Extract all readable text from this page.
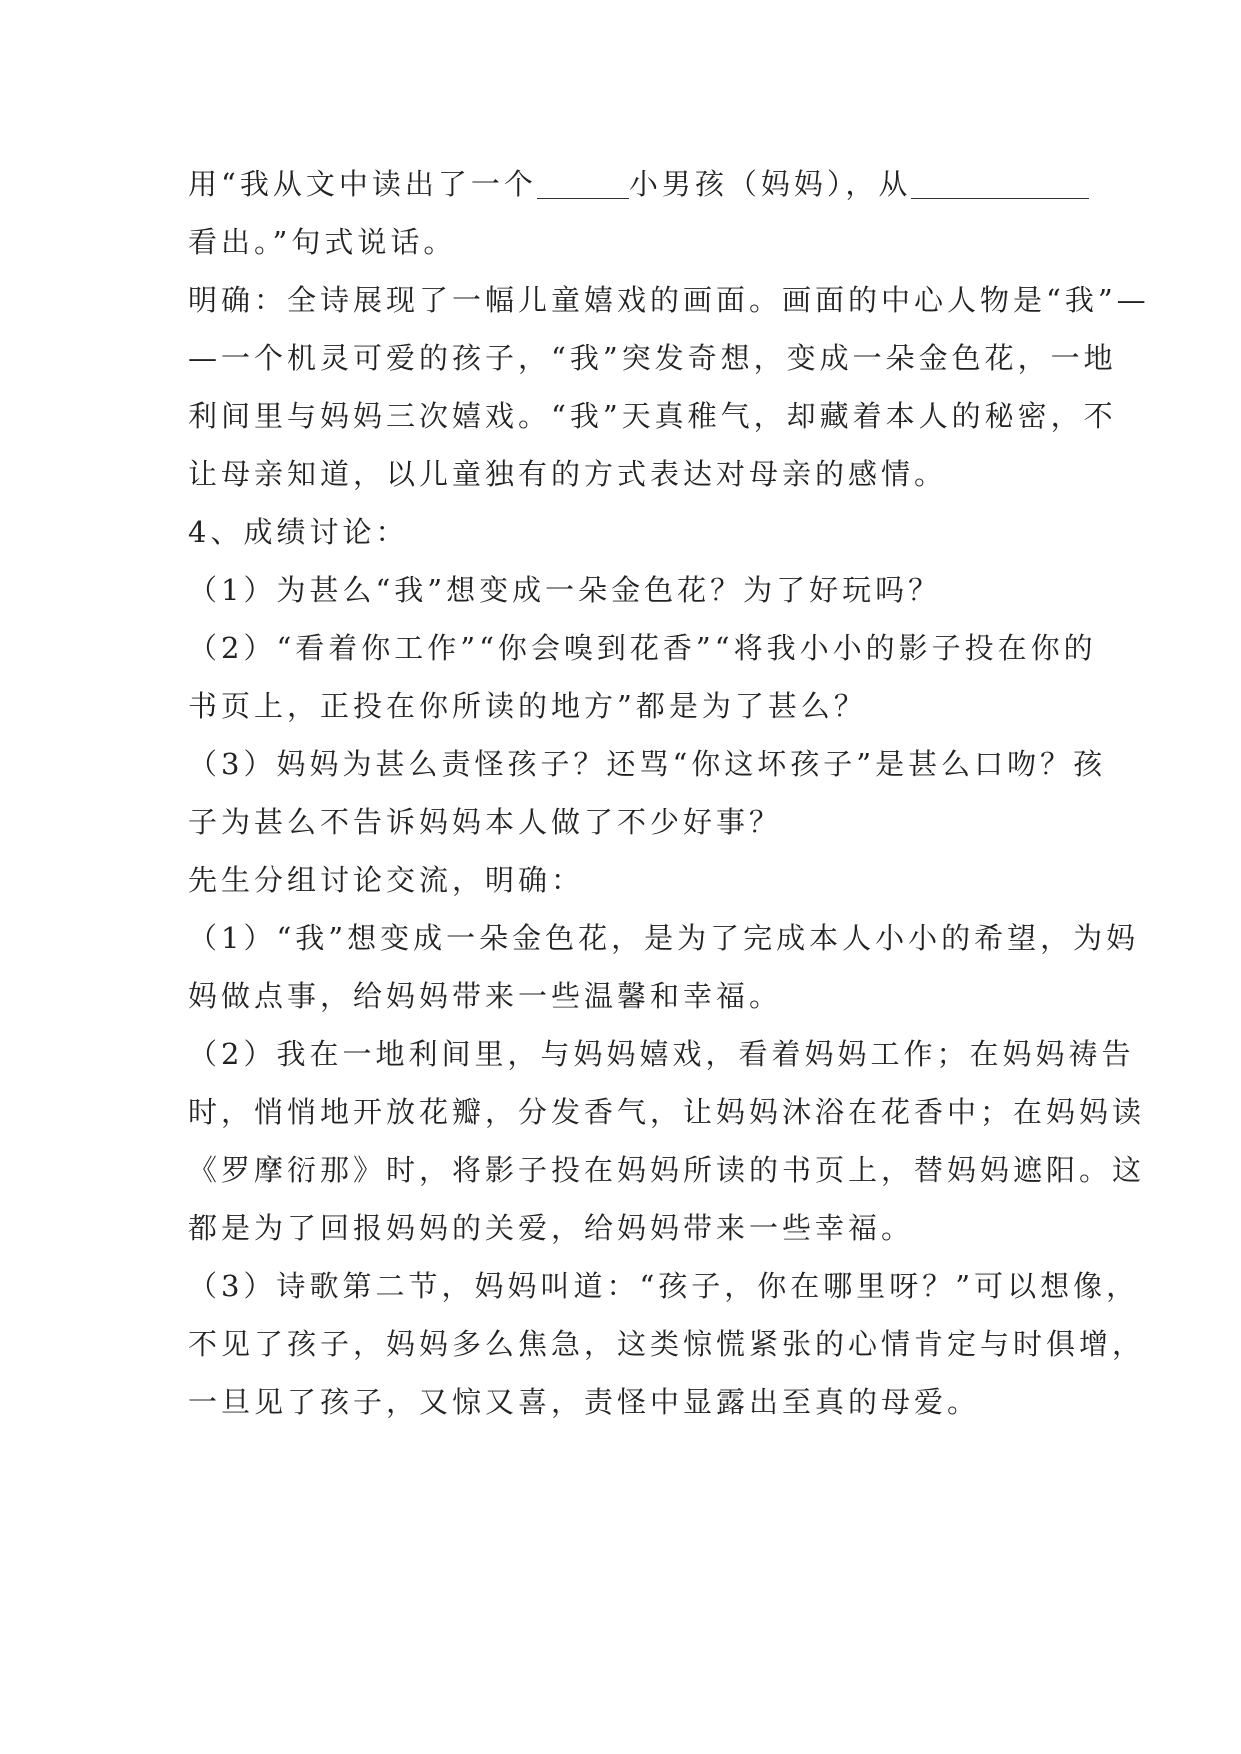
用“我从文中读出了一个	小男孩（妈妈），从
看出。”句式说话。
明确：全诗展现了一幅儿童嬉戏的画面。画面的中心人物是“我”—
—一个机灵可爱的孩子，“我”突发奇想，变成一朵金色花，一地
利间里与妈妈三次嬉戏。“我”天真稚气，却藏着本人的秘密，不
让母亲知道，以儿童独有的方式表达对母亲的感情。
4、成绩讨论：
（1）为甚么“我”想变成一朵金色花？为了好玩吗？
（2）“看着你工作”“你会嗅到花香”“将我小小的影子投在你的
书页上，正投在你所读的地方”都是为了甚么？
（3）妈妈为甚么责怪孩子？还骂“你这坏孩子”是甚么口吻？孩
子为甚么不告诉妈妈本人做了不少好事？
先生分组讨论交流，明确：
（1）“我”想变成一朵金色花，是为了完成本人小小的希望，为妈
妈做点事，给妈妈带来一些温馨和幸福。
（2）我在一地利间里，与妈妈嬉戏，看着妈妈工作；在妈妈祷告
时，悄悄地开放花瓣，分发香气，让妈妈沐浴在花香中；在妈妈读
《罗摩衍那》时，将影子投在妈妈所读的书页上，替妈妈遮阳。这
都是为了回报妈妈的关爱，给妈妈带来一些幸福。
（3）诗歌第二节，妈妈叫道：“孩子，你在哪里呀？”可以想像，
不见了孩子，妈妈多么焦急，这类惊慌紧张的心情肯定与时俱增，
一旦见了孩子，又惊又喜，责怪中显露出至真的母爱。
